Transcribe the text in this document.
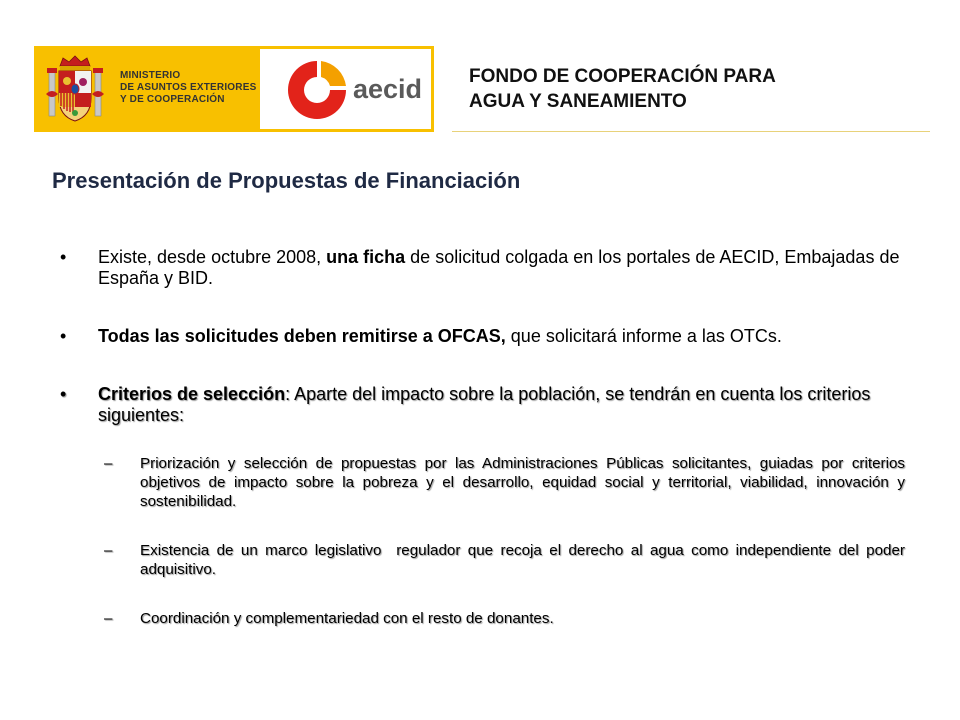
MINISTERIO
DE ASUNTOS EXTERIORES
Y DE COOPERACIÓN	aecid FONDO DE COOPERACIÓN PARA
AGUA Y SANEAMIENTO
Presentación de Propuestas de Financiación
• Existe, desde octubre 2008, una ficha de solicitud colgada en los portales de AECID, Embajadas de España y BID.
• Todas las solicitudes deben remitirse a OFCAS, que solicitará informe a las OTCs.
• Criterios de selección: Aparte del impacto sobre la población, se tendrán en cuenta los criterios siguientes:
– Priorización y selección de propuestas por las Administraciones Públicas solicitantes, guiadas por criterios objetivos de impacto sobre la pobreza y el desarrollo, equidad social y territorial, viabilidad, innovación y sostenibilidad.
– Existencia de un marco legislativo  regulador que recoja el derecho al agua como independiente del poder adquisitivo.
– Coordinación y complementariedad con el resto de donantes.
